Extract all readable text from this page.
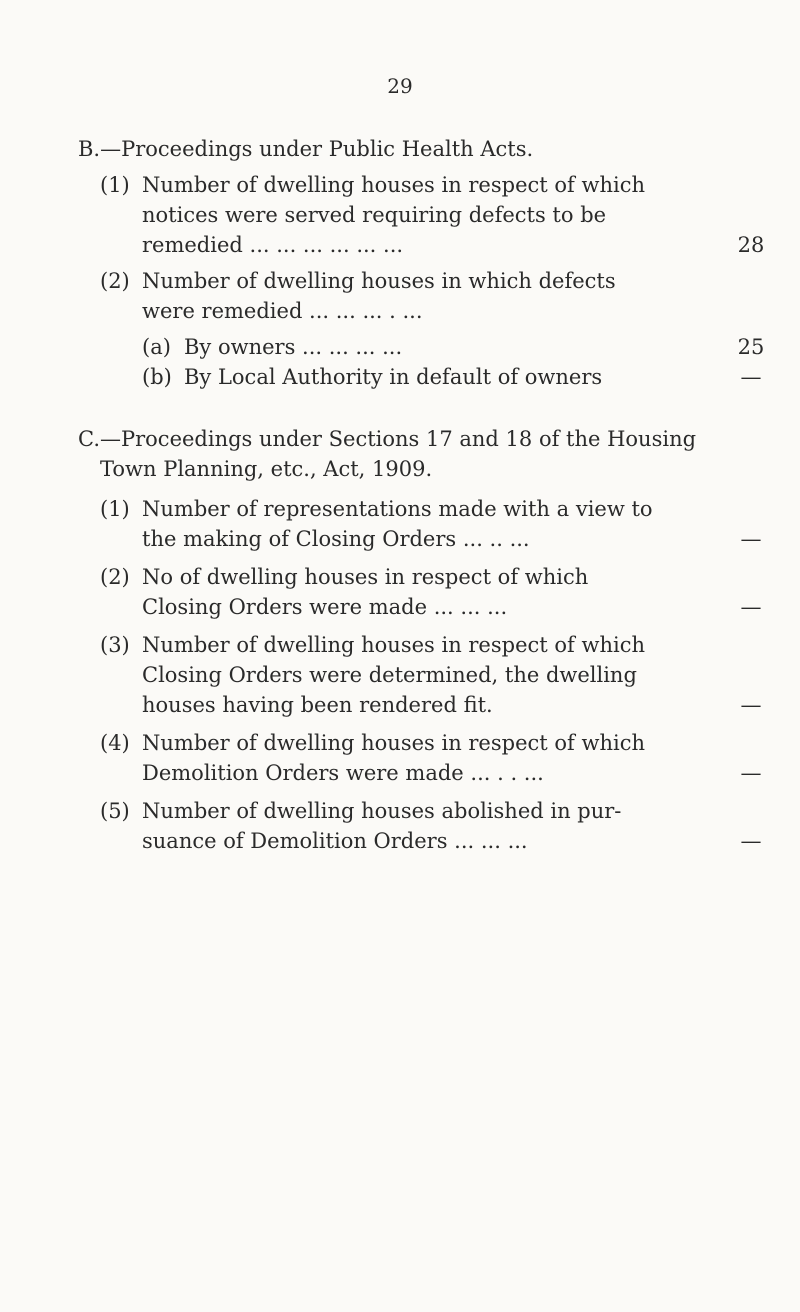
29
B.—Proceedings under Public Health Acts.
(1) Number of dwelling houses in respect of which
notices were served requiring defects to be
remedied ... ... ... ... ... ...	28
(2) Number of dwelling houses in which defects
were remedied ... ... ... . ...
(a) By owners ... ... ... ...	25
(b) By Local Authority in default of owners	—
C.—Proceedings under Sections 17 and 18 of the Housing
Town Planning, etc., Act, 1909.
(1) Number of representations made with a view to
the making of Closing Orders ... .. ...	—
(2) No of dwelling houses in respect of which
Closing Orders were made ... ... ...	—
(3) Number of dwelling houses in respect of which
Closing Orders were determined, the dwelling
houses having been rendered fit.	—
(4) Number of dwelling houses in respect of which
Demolition Orders were made ... . . ...	—
(5) Number of dwelling houses abolished in pur-
suance of Demolition Orders ... ... ...	—
